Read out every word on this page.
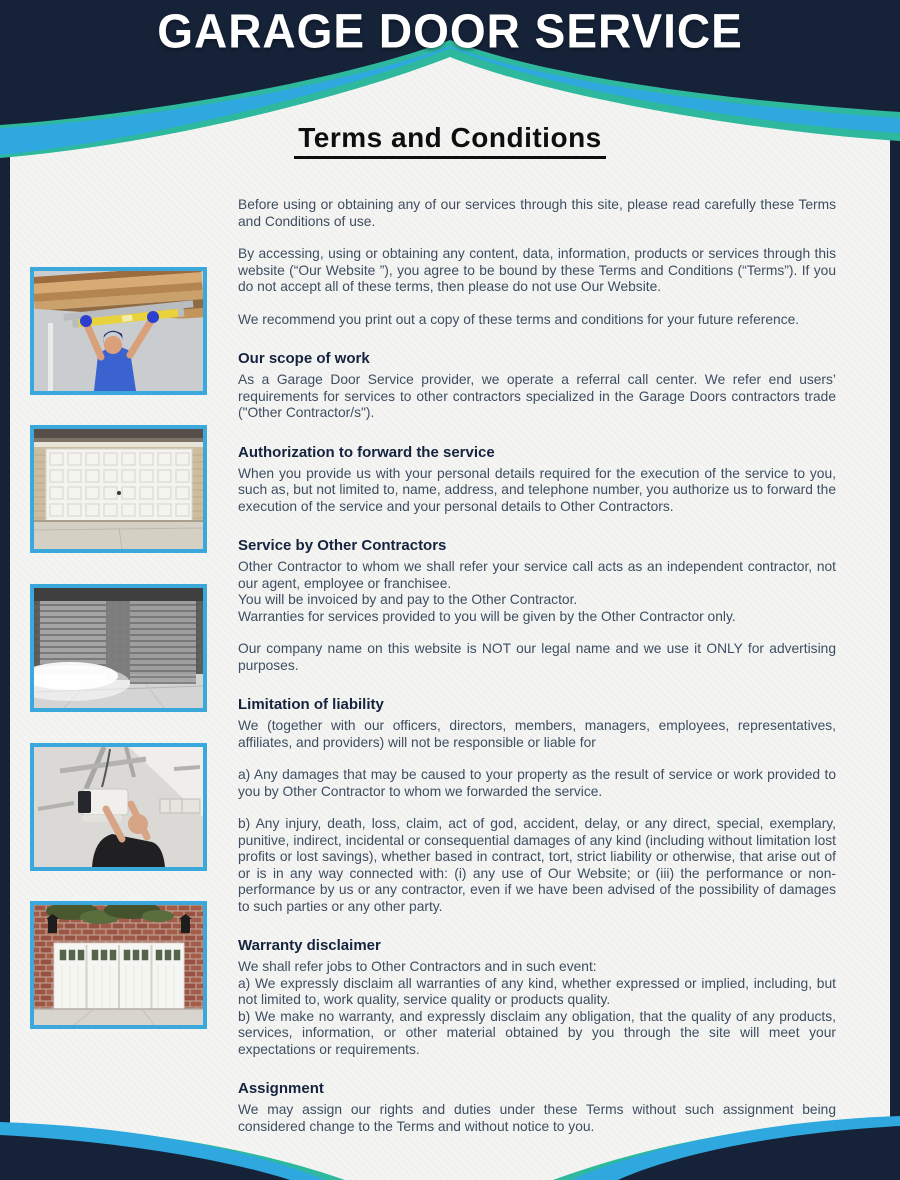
GARAGE DOOR SERVICE
Terms and Conditions

Before using or obtaining any of our services through this site, please read carefully these Terms and Conditions of use.

By accessing, using or obtaining any content, data, information, products or services through this website (“Our Website ”), you agree to be bound by these Terms and Conditions (“Terms”). If you do not accept all of these terms, then please do not use Our Website.

We recommend you print out a copy of these terms and conditions for your future reference.

Our scope of work

As a Garage Door Service provider, we operate a referral call center. We refer end users’ requirements for services to other contractors specialized in the Garage Doors contractors trade ("Other Contractor/s").

Authorization to forward the service

When you provide us with your personal details required for the execution of the service to you, such as, but not limited to, name, address, and telephone number, you authorize us to forward the execution of the service and your personal details to Other Contractors.

Service by Other Contractors

Other Contractor to whom we shall refer your service call acts as an independent contractor, not our agent, employee or franchisee.

You will be invoiced by and pay to the Other Contractor.

Warranties for services provided to you will be given by the Other Contractor only.

Our company name on this website is NOT our legal name and we use it ONLY for advertising purposes.

Limitation of liability

We (together with our officers, directors, members, managers, employees, representatives, affiliates, and providers) will not be responsible or liable for

a) Any damages that may be caused to your property as the result of service or work provided to you by Other Contractor to whom we forwarded the service.

b) Any injury, death, loss, claim, act of god, accident, delay, or any direct, special, exemplary, punitive, indirect, incidental or consequential damages of any kind (including without limitation lost profits or lost savings), whether based in contract, tort, strict liability or otherwise, that arise out of or is in any way connected with: (i) any use of Our Website; or (iii) the performance or non-performance by us or any contractor, even if we have been advised of the possibility of damages to such parties or any other party.

Warranty disclaimer

We shall refer jobs to Other Contractors and in such event:

a) We expressly disclaim all warranties of any kind, whether expressed or implied, including, but not limited to, work quality, service quality or products quality.

b) We make no warranty, and expressly disclaim any obligation, that the quality of any products, services, information, or other material obtained by you through the site will meet your expectations or requirements.

Assignment

We may assign our rights and duties under these Terms without such assignment being considered change to the Terms and without notice to you.
